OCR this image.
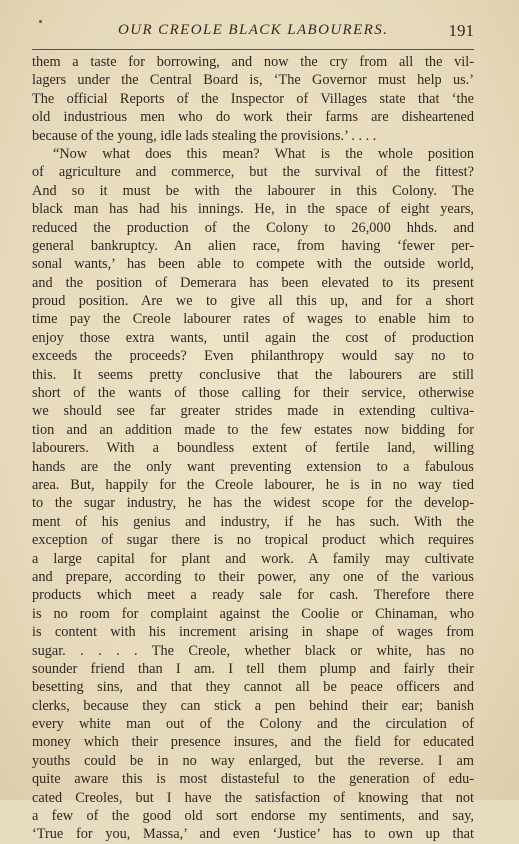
OUR CREOLE BLACK LABOURERS.	191
them a taste for borrowing, and now the cry from all the vil-
lagers under the Central Board is, ‘The Governor must help us.’
The official Reports of the Inspector of Villages state that ‘the
old industrious men who do work their farms are disheartened
because of the young, idle lads stealing the provisions.’ . . . .
“Now what does this mean? What is the whole position
of agriculture and commerce, but the survival of the fittest?
And so it must be with the labourer in this Colony. The
black man has had his innings. He, in the space of eight years,
reduced the production of the Colony to 26,000 hhds. and
general bankruptcy. An alien race, from having ‘fewer per-
sonal wants,’ has been able to compete with the outside world,
and the position of Demerara has been elevated to its present
proud position. Are we to give all this up, and for a short
time pay the Creole labourer rates of wages to enable him to
enjoy those extra wants, until again the cost of production
exceeds the proceeds? Even philanthropy would say no to
this. It seems pretty conclusive that the labourers are still
short of the wants of those calling for their service, otherwise
we should see far greater strides made in extending cultiva-
tion and an addition made to the few estates now bidding for
labourers. With a boundless extent of fertile land, willing
hands are the only want preventing extension to a fabulous
area. But, happily for the Creole labourer, he is in no way tied
to the sugar industry, he has the widest scope for the develop-
ment of his genius and industry, if he has such. With the
exception of sugar there is no tropical product which requires
a large capital for plant and work. A family may cultivate
and prepare, according to their power, any one of the various
products which meet a ready sale for cash. Therefore there
is no room for complaint against the Coolie or Chinaman, who
is content with his increment arising in shape of wages from
sugar. . . . . The Creole, whether black or white, has no
sounder friend than I am. I tell them plump and fairly their
besetting sins, and that they cannot all be peace officers and
clerks, because they can stick a pen behind their ear; banish
every white man out of the Colony and the circulation of
money which their presence insures, and the field for educated
youths could be in no way enlarged, but the reverse. I am
quite aware this is most distasteful to the generation of edu-
cated Creoles, but I have the satisfaction of knowing that not
a few of the good old sort endorse my sentiments, and say,
‘True for you, Massa,’ and even ‘Justice’ has to own up that
